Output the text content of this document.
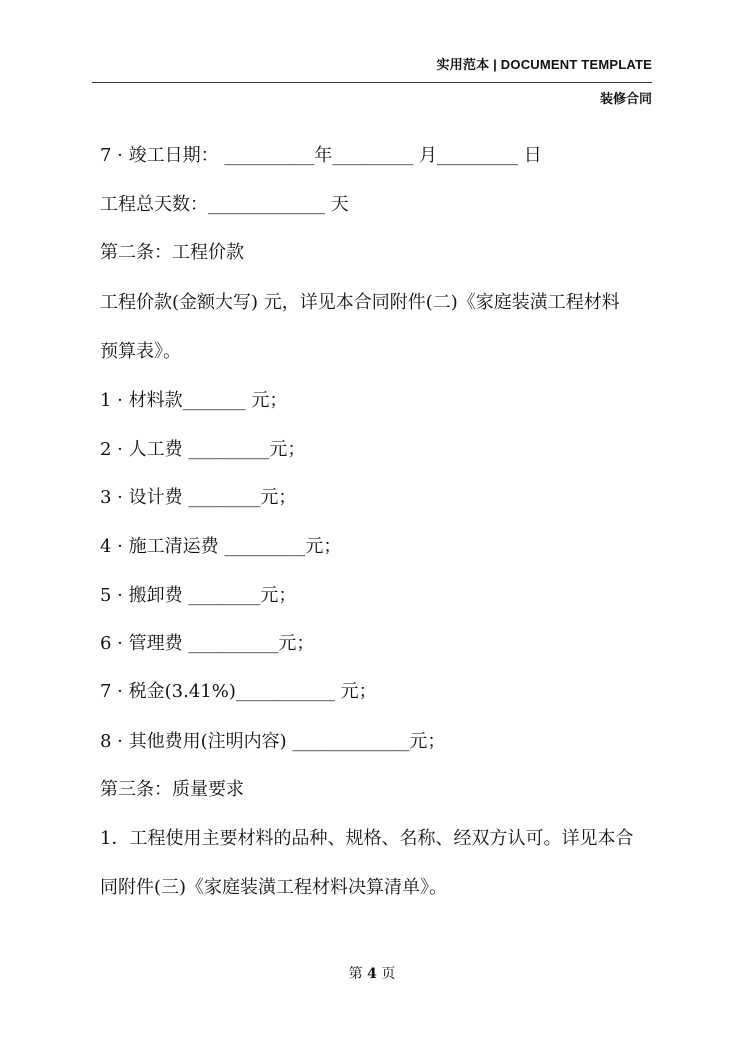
实用范本 | DOCUMENT TEMPLATE
装修合同
7 · 竣工日期： __________年_________ 月_________ 日
工程总天数：_____________ 天
第二条：工程价款
工程价款(金额大写) 元，详见本合同附件(二)《家庭装潢工程材料
预算表》。
1 · 材料款_______ 元；
2 · 人工费 _________元；
3 · 设计费 ________元；
4 · 施工清运费 _________元；
5 · 搬卸费 ________元；
6 · 管理费 __________元；
7 · 税金(3.41%)___________ 元；
8 · 其他费用(注明内容) _____________元；
第三条：质量要求
1．工程使用主要材料的品种、规格、名称、经双方认可。详见本合
同附件(三)《家庭装潢工程材料决算清单》。
第 4 页
